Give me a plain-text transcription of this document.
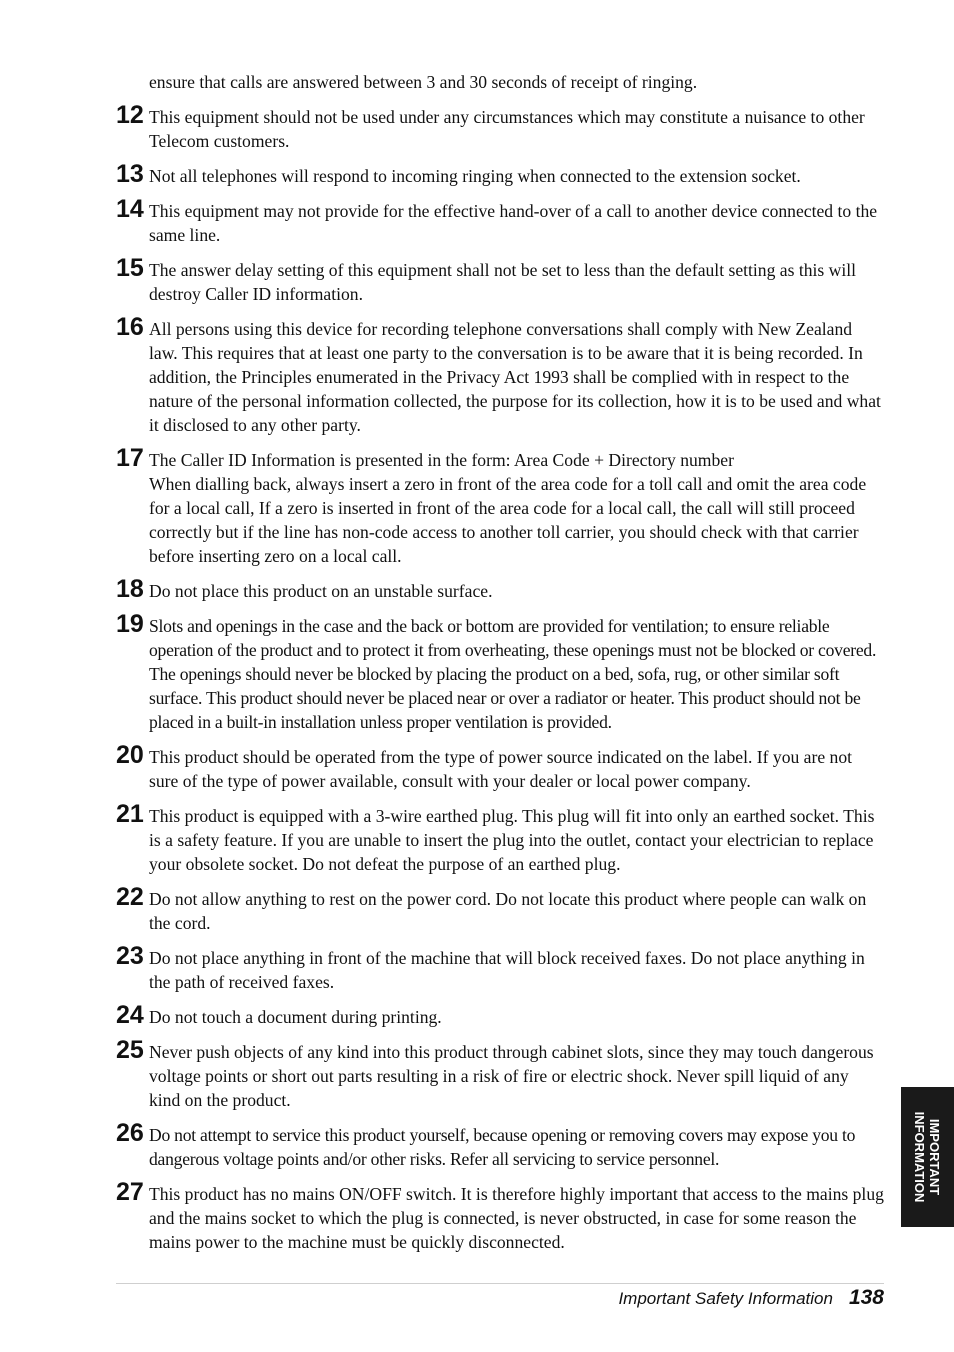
ensure that calls are answered between 3 and 30 seconds of receipt of ringing.

12 This equipment should not be used under any circumstances which may constitute a nuisance to other Telecom customers.
13 Not all telephones will respond to incoming ringing when connected to the extension socket.
14 This equipment may not provide for the effective hand-over of a call to another device connected to the same line.
15 The answer delay setting of this equipment shall not be set to less than the default setting as this will destroy Caller ID information.
16 All persons using this device for recording telephone conversations shall comply with New Zealand law. This requires that at least one party to the conversation is to be aware that it is being recorded. In addition, the Principles enumerated in the Privacy Act 1993 shall be complied with in respect to the nature of the personal information collected, the purpose for its collection, how it is to be used and what it disclosed to any other party.
17 The Caller ID Information is presented in the form: Area Code + Directory number
When dialling back, always insert a zero in front of the area code for a toll call and omit the area code for a local call, If a zero is inserted in front of the area code for a local call, the call will still proceed correctly but if the line has non-code access to another toll carrier, you should check with that carrier before inserting zero on a local call.
18 Do not place this product on an unstable surface.
19 Slots and openings in the case and the back or bottom are provided for ventilation; to ensure reliable operation of the product and to protect it from overheating, these openings must not be blocked or covered. The openings should never be blocked by placing the product on a bed, sofa, rug, or other similar soft surface. This product should never be placed near or over a radiator or heater. This product should not be placed in a built-in installation unless proper ventilation is provided.
20 This product should be operated from the type of power source indicated on the label. If you are not sure of the type of power available, consult with your dealer or local power company.
21 This product is equipped with a 3-wire earthed plug. This plug will fit into only an earthed socket. This is a safety feature. If you are unable to insert the plug into the outlet, contact your electrician to replace your obsolete socket. Do not defeat the purpose of an earthed plug.
22 Do not allow anything to rest on the power cord. Do not locate this product where people can walk on the cord.
23 Do not place anything in front of the machine that will block received faxes. Do not place anything in the path of received faxes.
24 Do not touch a document during printing.
25 Never push objects of any kind into this product through cabinet slots, since they may touch dangerous voltage points or short out parts resulting in a risk of fire or electric shock. Never spill liquid of any kind on the product.
26 Do not attempt to service this product yourself, because opening or removing covers may expose you to dangerous voltage points and/or other risks. Refer all servicing to service personnel.
27 This product has no mains ON/OFF switch. It is therefore highly important that access to the mains plug and the mains socket to which the plug is connected, is never obstructed, in case for some reason the mains power to the machine must be quickly disconnected.
IMPORTANT
INFORMATION
Important Safety Information 138
